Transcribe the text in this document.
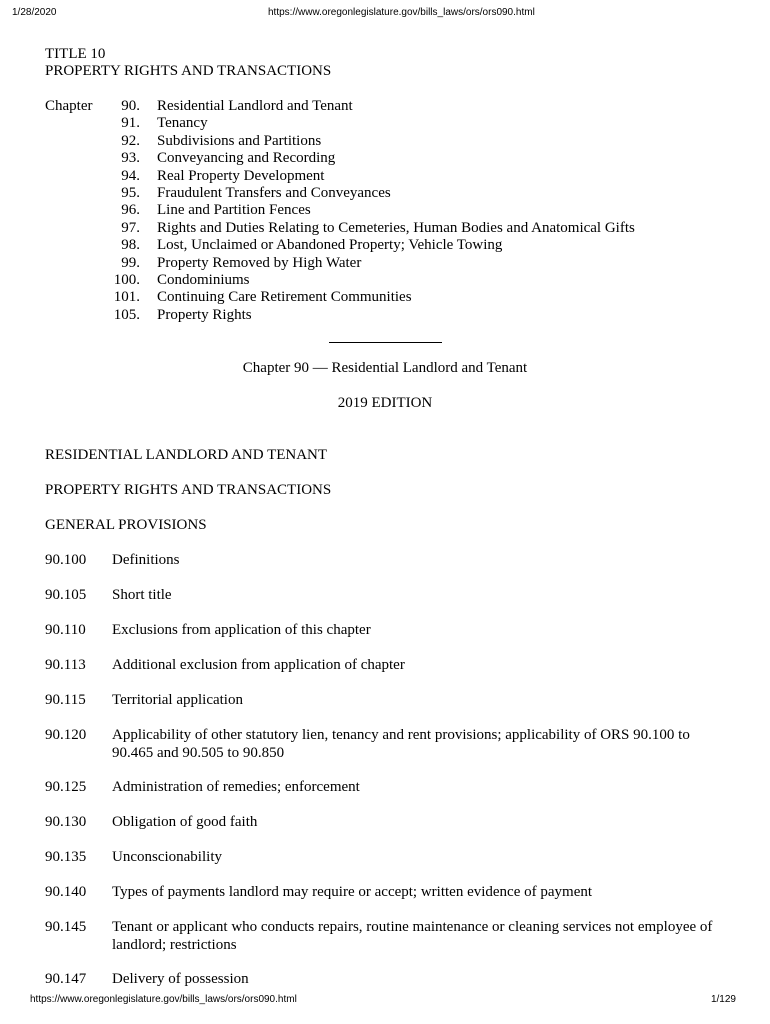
1/28/2020	https://www.oregonlegislature.gov/bills_laws/ors/ors090.html
TITLE 10
PROPERTY RIGHTS AND TRANSACTIONS
Chapter	90. Residential Landlord and Tenant
91. Tenancy
92. Subdivisions and Partitions
93. Conveyancing and Recording
94. Real Property Development
95. Fraudulent Transfers and Conveyances
96. Line and Partition Fences
97. Rights and Duties Relating to Cemeteries, Human Bodies and Anatomical Gifts
98. Lost, Unclaimed or Abandoned Property; Vehicle Towing
99. Property Removed by High Water
100. Condominiums
101. Continuing Care Retirement Communities
105. Property Rights
Chapter 90 — Residential Landlord and Tenant
2019 EDITION
RESIDENTIAL LANDLORD AND TENANT
PROPERTY RIGHTS AND TRANSACTIONS
GENERAL PROVISIONS
90.100 Definitions
90.105 Short title
90.110 Exclusions from application of this chapter
90.113 Additional exclusion from application of chapter
90.115 Territorial application
90.120 Applicability of other statutory lien, tenancy and rent provisions; applicability of ORS 90.100 to 90.465 and 90.505 to 90.850
90.125 Administration of remedies; enforcement
90.130 Obligation of good faith
90.135 Unconscionability
90.140 Types of payments landlord may require or accept; written evidence of payment
90.145 Tenant or applicant who conducts repairs, routine maintenance or cleaning services not employee of landlord; restrictions
90.147 Delivery of possession
https://www.oregonlegislature.gov/bills_laws/ors/ors090.html	1/129
